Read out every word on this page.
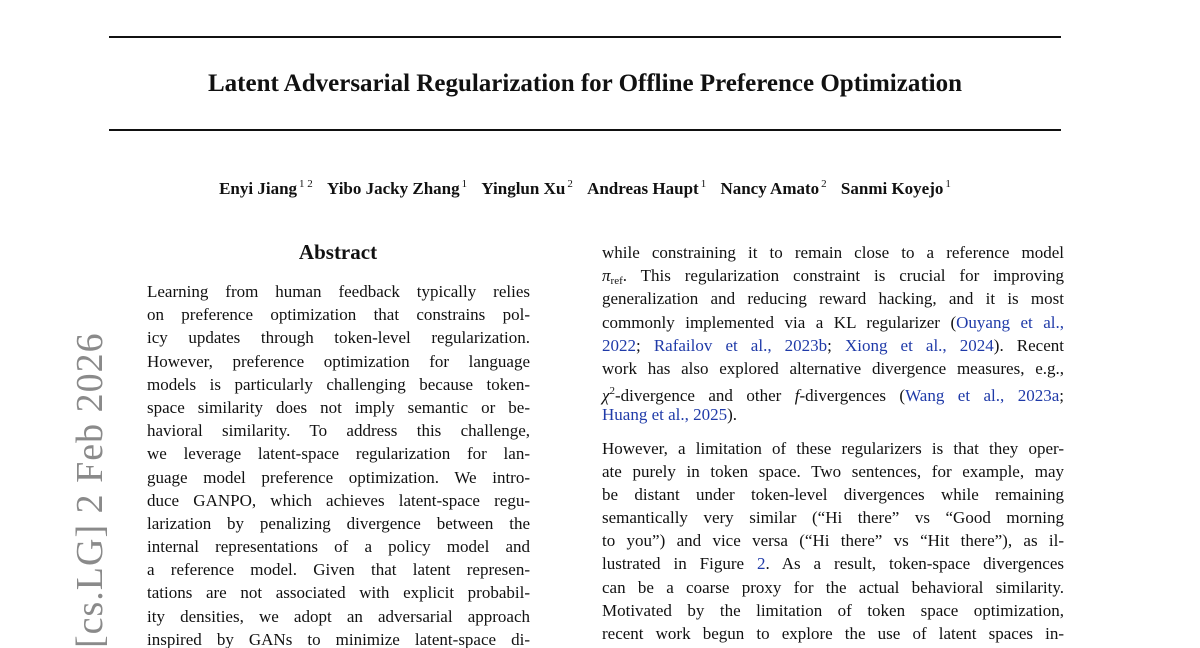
Latent Adversarial Regularization for Offline Preference Optimization
Enyi Jiang $^{1 2}$ Yibo Jacky Zhang $^1$ Yinglun Xu $^2$ Andreas Haupt $^1$ Nancy Amato $^2$ Sanmi Koyejo $^1$
[cs.LG] 2 Feb 2026
Abstract
Learning from human feedback typically relies
on preference optimization that constrains pol-
icy updates through token-level regularization.
However, preference optimization for language
models is particularly challenging because token-
space similarity does not imply semantic or be-
havioral similarity. To address this challenge,
we leverage latent-space regularization for lan-
guage model preference optimization. We intro-
duce GANPO, which achieves latent-space regu-
larization by penalizing divergence between the
internal representations of a policy model and
a reference model. Given that latent represen-
tations are not associated with explicit probabil-
ity densities, we adopt an adversarial approach
inspired by GANs to minimize latent-space di-
while constraining it to remain close to a reference model
$\pi_{ref}$. This regularization constraint is crucial for improving
generalization and reducing reward hacking, and it is most
commonly implemented via a KL regularizer (Ouyang et al.,
2022; Rafailov et al., 2023b; Xiong et al., 2024). Recent
work has also explored alternative divergence measures, e.g.,
$\chi^2$-divergence and other f-divergences (Wang et al., 2023a;
Huang et al., 2025).
However, a limitation of these regularizers is that they oper-
ate purely in token space. Two sentences, for example, may
be distant under token-level divergences while remaining
semantically very similar (“Hi there” vs “Good morning
to you”) and vice versa (“Hi there” vs “Hit there”), as il-
lustrated in Figure 2. As a result, token-space divergences
can be a coarse proxy for the actual behavioral similarity.
Motivated by the limitation of token space optimization,
recent work begun to explore the use of latent spaces in-
